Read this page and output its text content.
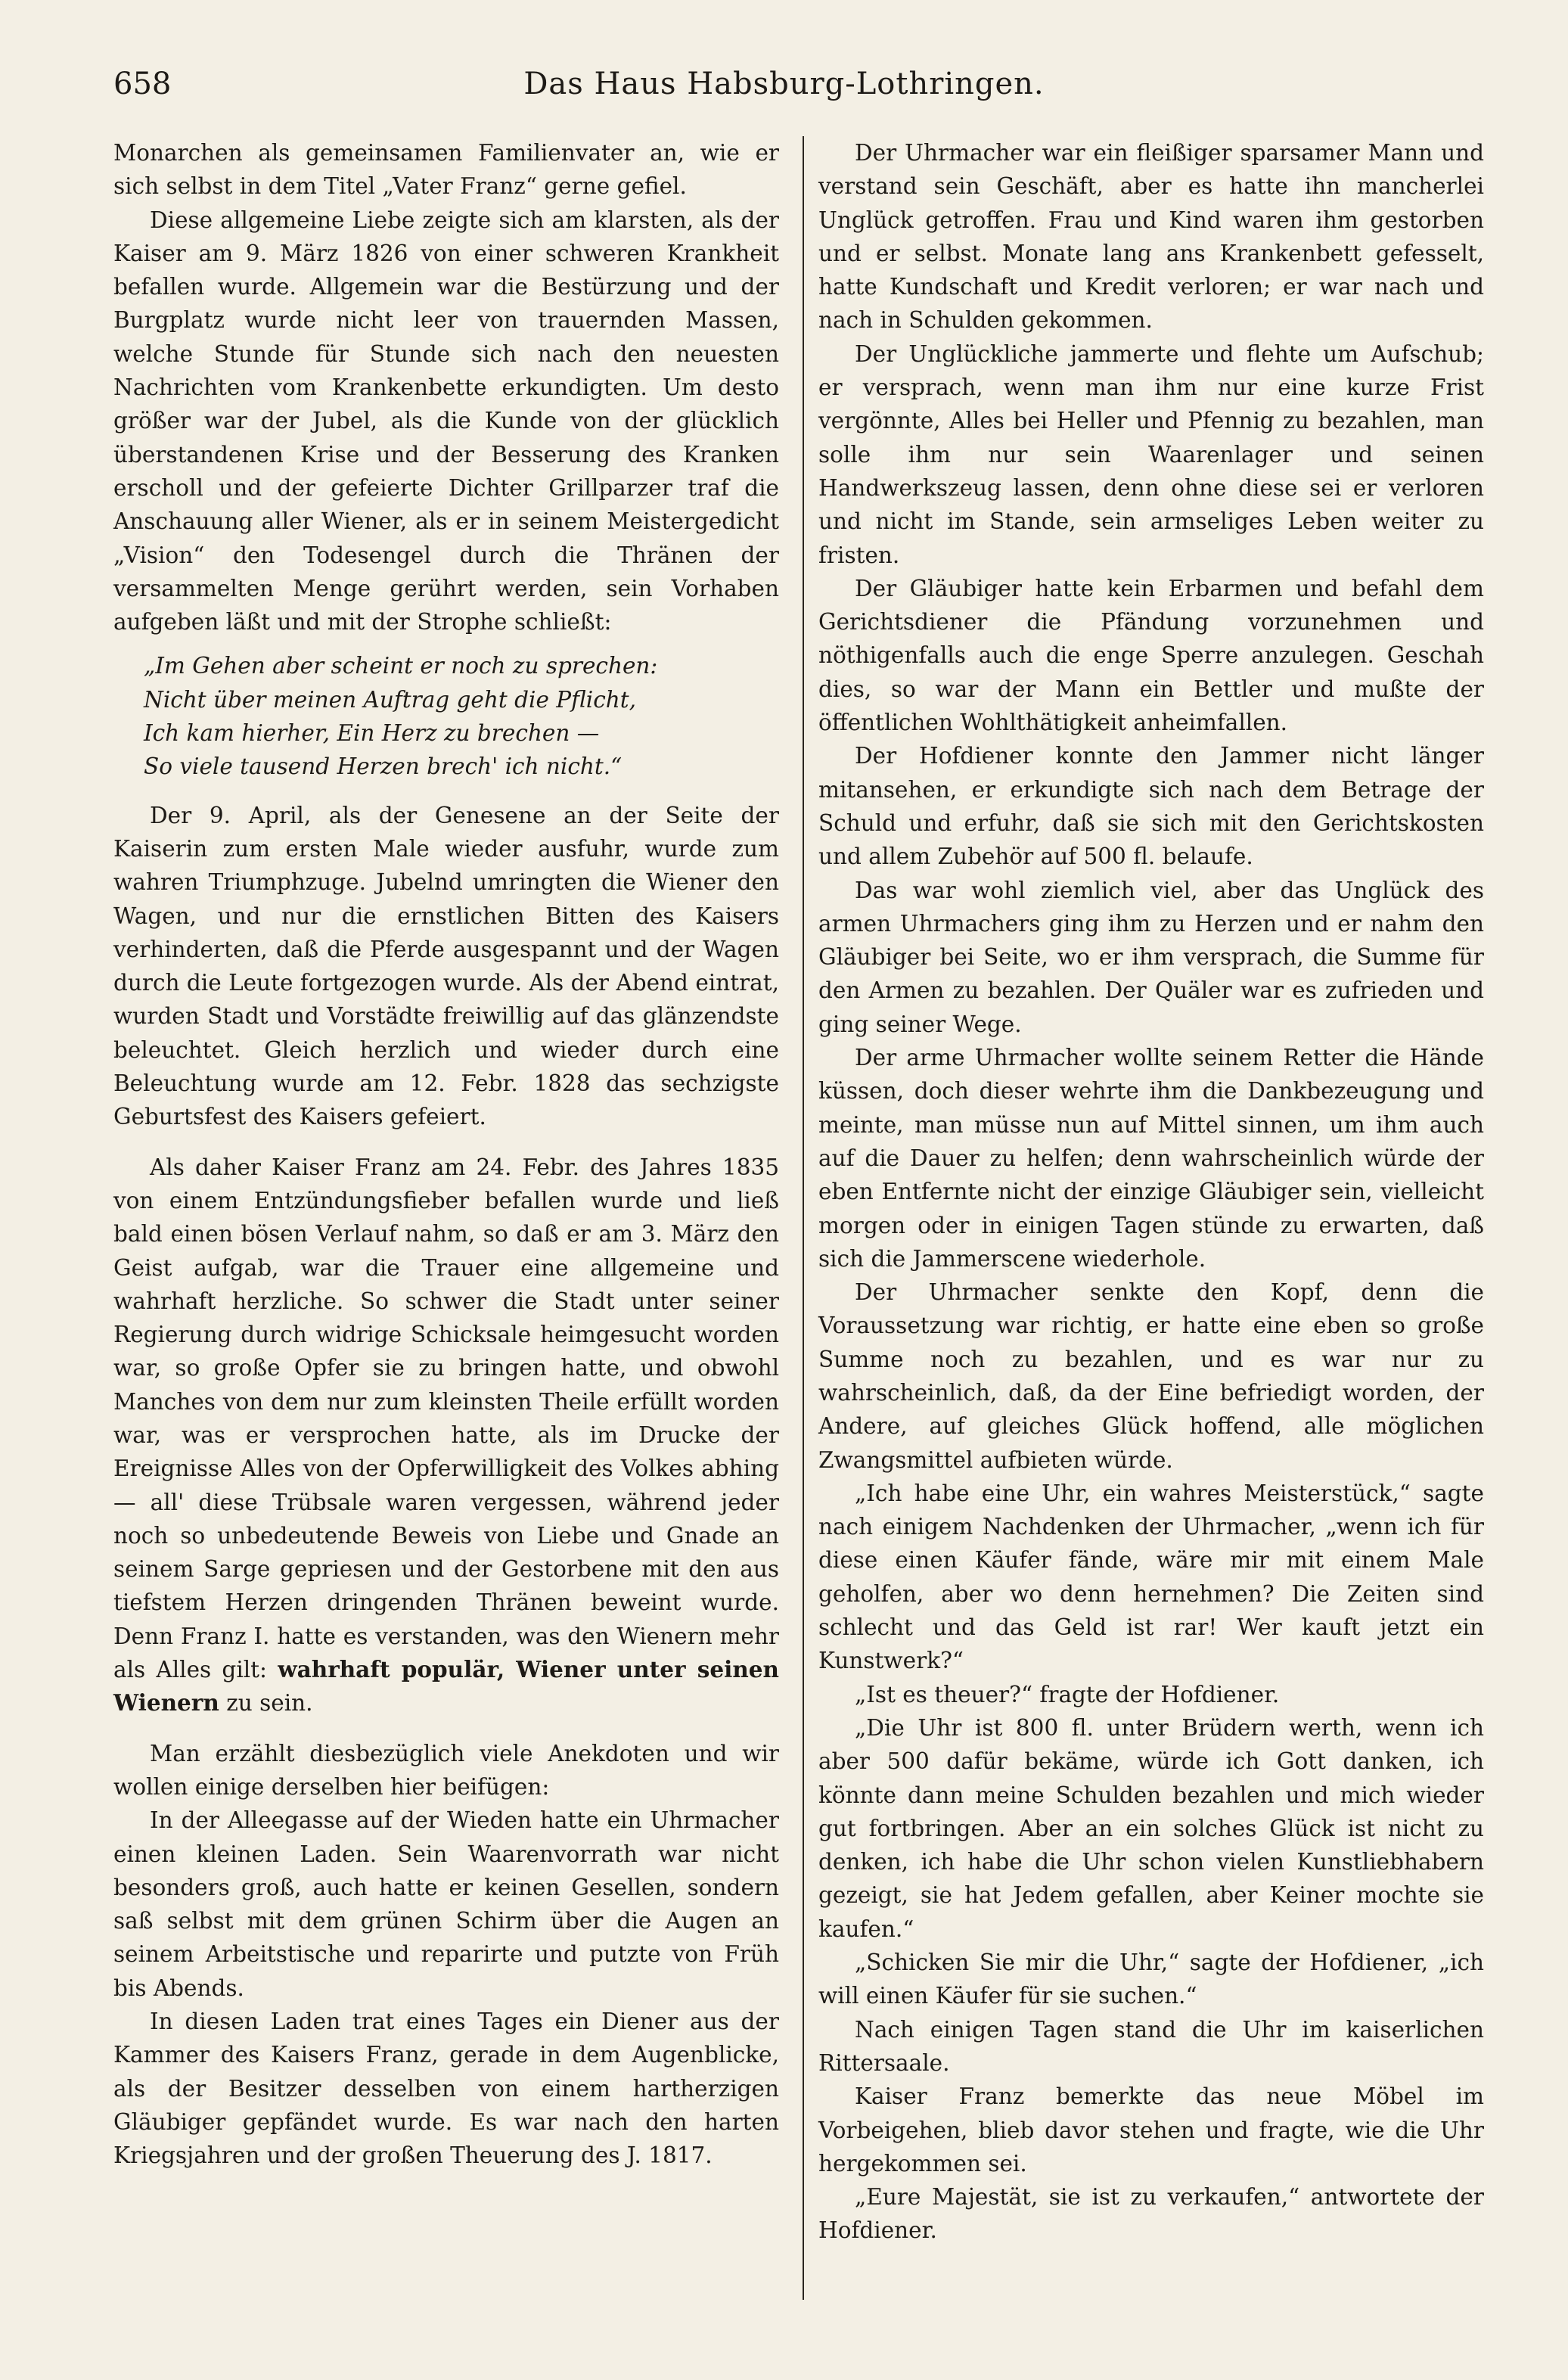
658	Das Haus Habsburg-Lothringen.

Monarchen als gemeinsamen Familienvater an, wie er sich selbst in dem Titel „Vater Franz“ gerne gefiel.

Diese allgemeine Liebe zeigte sich am klarsten, als der Kaiser am 9. März 1826 von einer schweren Krankheit befallen wurde. Allgemein war die Bestürzung und der Burgplatz wurde nicht leer von trauernden Massen, welche Stunde für Stunde sich nach den neuesten Nachrichten vom Krankenbette erkundigten. Um desto größer war der Jubel, als die Kunde von der glücklich überstandenen Krise und der Besserung des Kranken erscholl und der gefeierte Dichter Grillparzer traf die Anschauung aller Wiener, als er in seinem Meistergedicht „Vision“ den Todesengel durch die Thränen der versammelten Menge gerührt werden, sein Vorhaben aufgeben läßt und mit der Strophe schließt:

„Im Gehen aber scheint er noch zu sprechen:
Nicht über meinen Auftrag geht die Pflicht,
Ich kam hierher, Ein Herz zu brechen —
So viele tausend Herzen brech' ich nicht.“

Der 9. April, als der Genesene an der Seite der Kaiserin zum ersten Male wieder ausfuhr, wurde zum wahren Triumphzuge. Jubelnd umringten die Wiener den Wagen, und nur die ernstlichen Bitten des Kaisers verhinderten, daß die Pferde ausgespannt und der Wagen durch die Leute fortgezogen wurde. Als der Abend eintrat, wurden Stadt und Vorstädte freiwillig auf das glänzendste beleuchtet. Gleich herzlich und wieder durch eine Beleuchtung wurde am 12. Febr. 1828 das sechzigste Geburtsfest des Kaisers gefeiert.

Als daher Kaiser Franz am 24. Febr. des Jahres 1835 von einem Entzündungsfieber befallen wurde und ließ bald einen bösen Verlauf nahm, so daß er am 3. März den Geist aufgab, war die Trauer eine allgemeine und wahrhaft herzliche. So schwer die Stadt unter seiner Regierung durch widrige Schicksale heimgesucht worden war, so große Opfer sie zu bringen hatte, und obwohl Manches von dem nur zum kleinsten Theile erfüllt worden war, was er versprochen hatte, als im Drucke der Ereignisse Alles von der Opferwilligkeit des Volkes abhing — all' diese Trübsale waren vergessen, während jeder noch so unbedeutende Beweis von Liebe und Gnade an seinem Sarge gepriesen und der Gestorbene mit den aus tiefstem Herzen dringenden Thränen beweint wurde. Denn Franz I. hatte es verstanden, was den Wienern mehr als Alles gilt: wahrhaft populär, Wiener unter seinen Wienern zu sein.

Man erzählt diesbezüglich viele Anekdoten und wir wollen einige derselben hier beifügen:

In der Alleegasse auf der Wieden hatte ein Uhrmacher einen kleinen Laden. Sein Waarenvorrath war nicht besonders groß, auch hatte er keinen Gesellen, sondern saß selbst mit dem grünen Schirm über die Augen an seinem Arbeitstische und reparirte und putzte von Früh bis Abends.

In diesen Laden trat eines Tages ein Diener aus der Kammer des Kaisers Franz, gerade in dem Augenblicke, als der Besitzer desselben von einem hartherzigen Gläubiger gepfändet wurde. Es war nach den harten Kriegsjahren und der großen Theuerung des J. 1817.

Der Uhrmacher war ein fleißiger sparsamer Mann und verstand sein Geschäft, aber es hatte ihn mancherlei Unglück getroffen. Frau und Kind waren ihm gestorben und er selbst. Monate lang ans Krankenbett gefesselt, hatte Kundschaft und Kredit verloren; er war nach und nach in Schulden gekommen.

Der Unglückliche jammerte und flehte um Aufschub; er versprach, wenn man ihm nur eine kurze Frist vergönnte, Alles bei Heller und Pfennig zu bezahlen, man solle ihm nur sein Waarenlager und seinen Handwerkszeug lassen, denn ohne diese sei er verloren und nicht im Stande, sein armseliges Leben weiter zu fristen.

Der Gläubiger hatte kein Erbarmen und befahl dem Gerichtsdiener die Pfändung vorzunehmen und nöthigenfalls auch die enge Sperre anzulegen. Geschah dies, so war der Mann ein Bettler und mußte der öffentlichen Wohlthätigkeit anheimfallen.

Der Hofdiener konnte den Jammer nicht länger mitansehen, er erkundigte sich nach dem Betrage der Schuld und erfuhr, daß sie sich mit den Gerichtskosten und allem Zubehör auf 500 fl. belaufe.

Das war wohl ziemlich viel, aber das Unglück des armen Uhrmachers ging ihm zu Herzen und er nahm den Gläubiger bei Seite, wo er ihm versprach, die Summe für den Armen zu bezahlen. Der Quäler war es zufrieden und ging seiner Wege.

Der arme Uhrmacher wollte seinem Retter die Hände küssen, doch dieser wehrte ihm die Dankbezeugung und meinte, man müsse nun auf Mittel sinnen, um ihm auch auf die Dauer zu helfen; denn wahrscheinlich würde der eben Entfernte nicht der einzige Gläubiger sein, vielleicht morgen oder in einigen Tagen stünde zu erwarten, daß sich die Jammerscene wiederhole.

Der Uhrmacher senkte den Kopf, denn die Voraussetzung war richtig, er hatte eine eben so große Summe noch zu bezahlen, und es war nur zu wahrscheinlich, daß, da der Eine befriedigt worden, der Andere, auf gleiches Glück hoffend, alle möglichen Zwangsmittel aufbieten würde.

„Ich habe eine Uhr, ein wahres Meisterstück,“ sagte nach einigem Nachdenken der Uhrmacher, „wenn ich für diese einen Käufer fände, wäre mir mit einem Male geholfen, aber wo denn hernehmen? Die Zeiten sind schlecht und das Geld ist rar! Wer kauft jetzt ein Kunstwerk?“

„Ist es theuer?“ fragte der Hofdiener.

„Die Uhr ist 800 fl. unter Brüdern werth, wenn ich aber 500 dafür bekäme, würde ich Gott danken, ich könnte dann meine Schulden bezahlen und mich wieder gut fortbringen. Aber an ein solches Glück ist nicht zu denken, ich habe die Uhr schon vielen Kunstliebhabern gezeigt, sie hat Jedem gefallen, aber Keiner mochte sie kaufen.“

„Schicken Sie mir die Uhr,“ sagte der Hofdiener, „ich will einen Käufer für sie suchen.“

Nach einigen Tagen stand die Uhr im kaiserlichen Rittersaale.

Kaiser Franz bemerkte das neue Möbel im Vorbeigehen, blieb davor stehen und fragte, wie die Uhr hergekommen sei.

„Eure Majestät, sie ist zu verkaufen,“ antwortete der Hofdiener.
